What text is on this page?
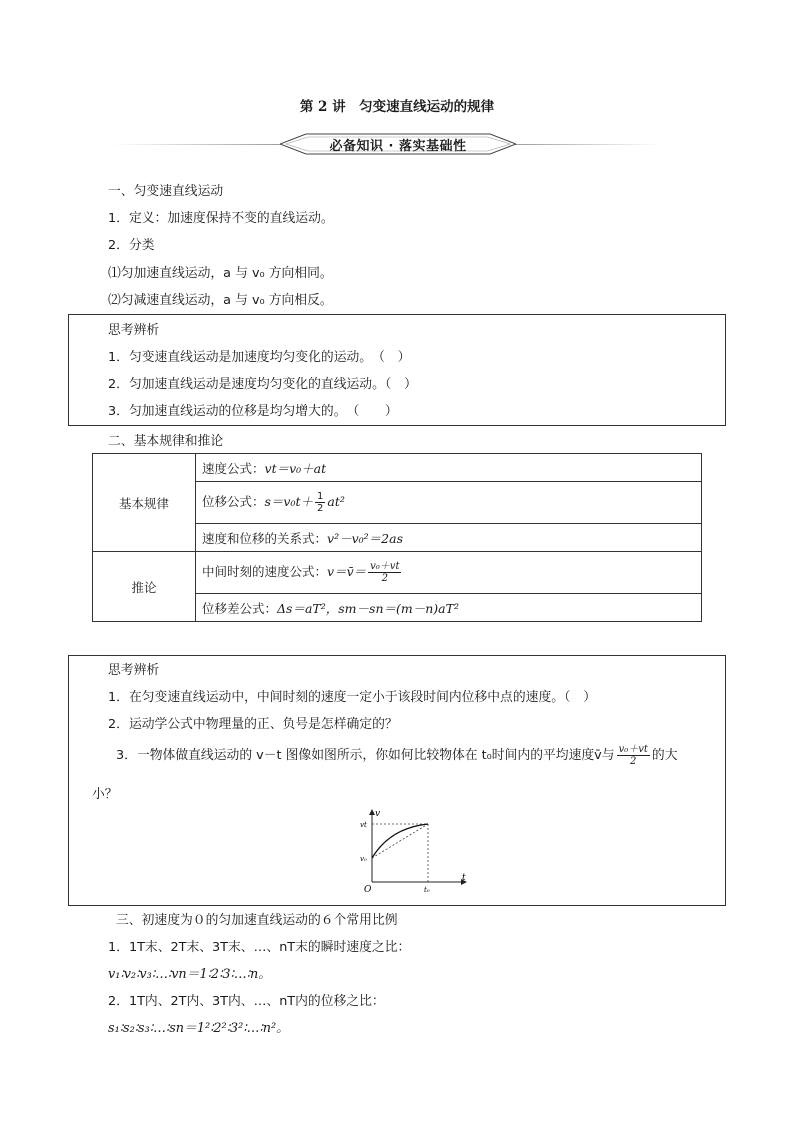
第 2 讲　匀变速直线运动的规律
必备知识 · 落实基础性
一、匀变速直线运动
1．定义：加速度保持不变的直线运动。
2．分类
⑴匀加速直线运动，a 与 v₀ 方向相同。
⑵匀减速直线运动，a 与 v₀ 方向相反。
思考辨析
1．匀变速直线运动是加速度均匀变化的运动。　（　）
2．匀加速直线运动是速度均匀变化的直线运动。（　）
3．匀加速直线运动的位移是均匀增大的。　（　　）
二、基本规律和推论
基本规律	速度公式：vt＝v₀＋at
	位移公式：$s=v_0t+ \frac{1}{2} at^2$
	速度和位移的关系式：v²－v₀²＝2as
推论	中间时刻的速度公式：v＝v̄＝ $\frac{\text{v₀＋vt}}{2}$

	位移差公式：Δs＝aT²，sm－sn＝(m－n)aT²
思考辨析
1．在匀变速直线运动中，中间时刻的速度一定小于该段时间内位移中点的速度。（　）
2．运动学公式中物理量的正、负号是怎样确定的？
3．一物体做直线运动的 v－t 图像如图所示，你如何比较物体在 t₀时间内的平均速度v̄与 $\frac{\text{v₀＋vt}}{2}$ 的大
小？
v
t
O
vt
v₀
t₀
三、初速度为０的匀加速直线运动的６个常用比例
1．1T末、2T末、3T末、…、nT末的瞬时速度之比：
v₁∶v₂∶v₃∶…∶vn＝1∶2∶3∶…∶n。
2．1T内、2T内、3T内、…、nT内的位移之比：
s₁∶s₂∶s₃∶…∶sn＝1²∶2²∶3²∶…∶n²。
